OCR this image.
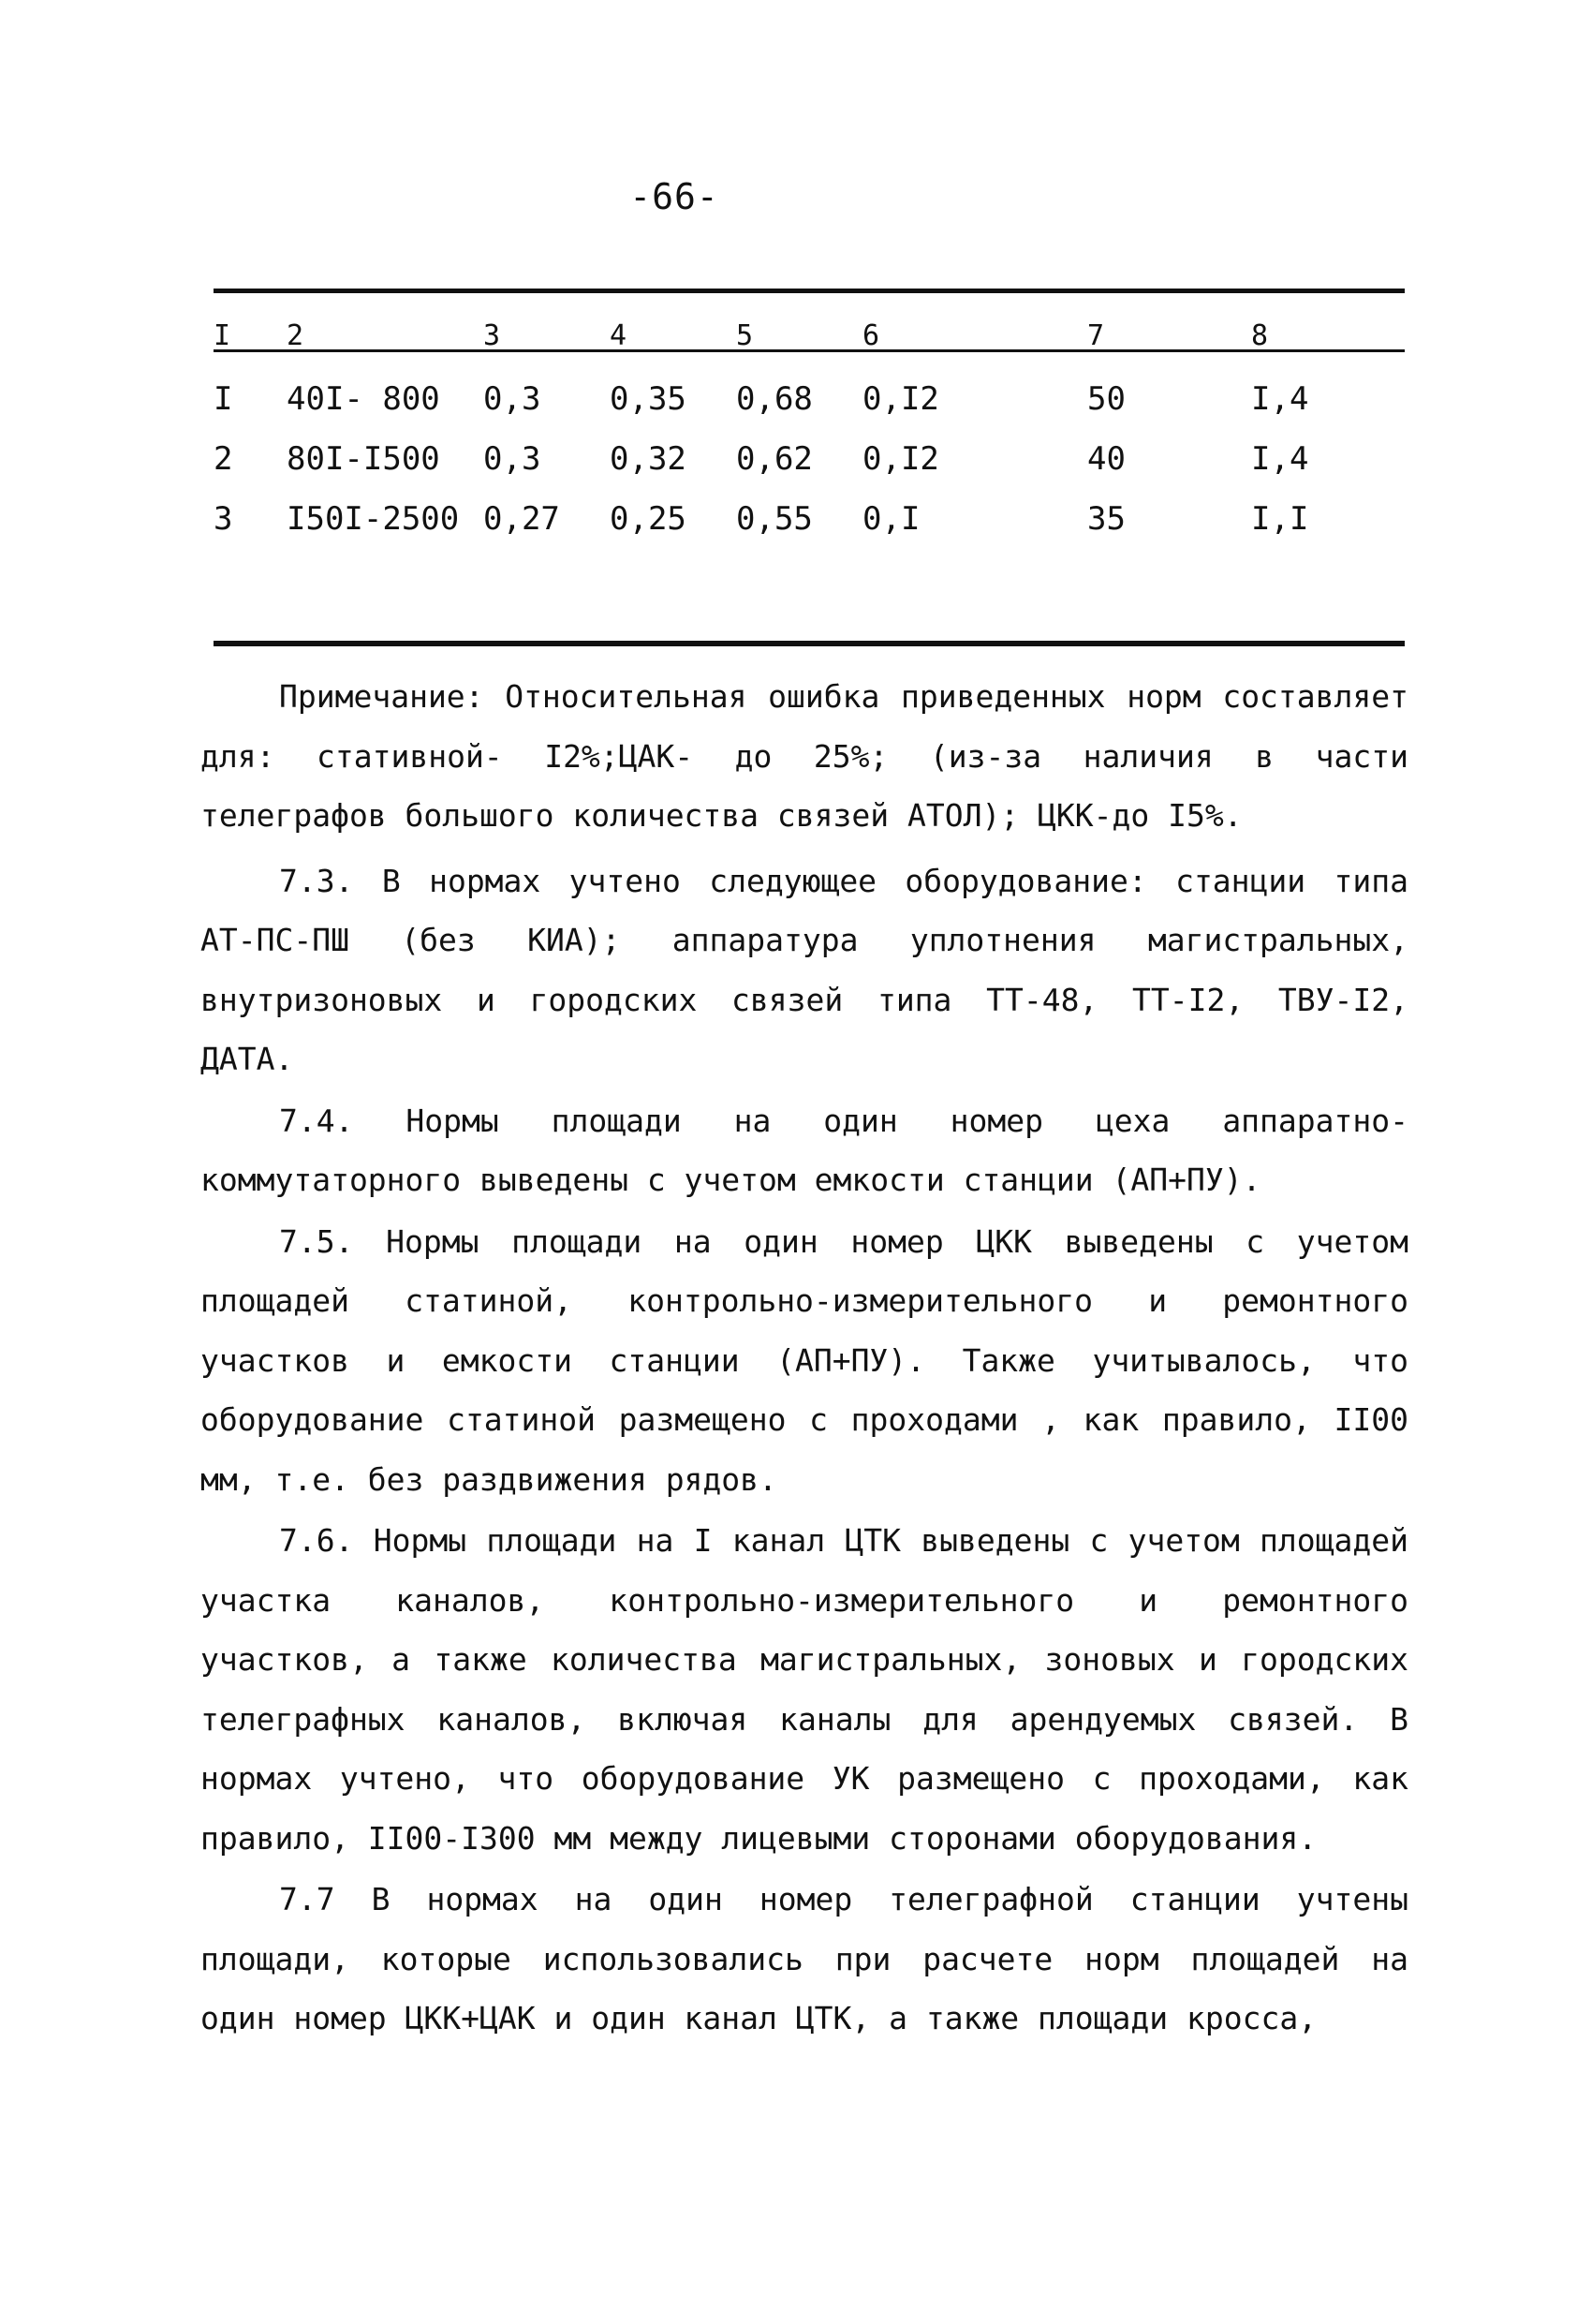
-66-
I	2	3	4	5	6	7	8
I	40I- 800	0,3	0,35	0,68	0,I2	50	I,4
2	80I-I500	0,3	0,32	0,62	0,I2	40	I,4
3	I50I-2500	0,27	0,25	0,55	0,I	35	I,I

Примечание: Относительная ошибка приведенных норм составляет для: стативной- I2%;ЦАК- до 25%; (из-за наличия в части телеграфов большого количества связей АТОЛ); ЦКК-до I5%.

7.3. В нормах учтено следующее оборудование: станции типа АТ-ПС-ПШ (без КИА); аппаратура уплотнения магистральных, внутризоновых и городских связей типа ТТ-48, ТТ-I2, ТВУ-I2, ДАТА.

7.4. Нормы площади на один номер цеха аппаратно-коммутаторного выведены с учетом емкости станции (АП+ПУ).

7.5. Нормы площади на один номер ЦКК выведены с учетом площадей статиной, контрольно-измерительного и ремонтного участков и емкости станции (АП+ПУ). Также учитывалось, что оборудование статиной размещено с проходами , как правило, II00 мм, т.е. без раздвижения рядов.

7.6. Нормы площади на I канал ЦТК выведены с учетом площадей участка каналов, контрольно-измерительного и ремонтного участков, а также количества магистральных, зоновых и городских телеграфных каналов, включая каналы для арендуемых связей. В нормах учтено, что оборудование УК размещено с проходами, как правило, II00-I300 мм между лицевыми сторонами оборудования.

7.7 В нормах на один номер телеграфной станции учтены площади, которые использовались при расчете норм площадей на один номер ЦКК+ЦАК и один канал ЦТК, а также площади кросса,
